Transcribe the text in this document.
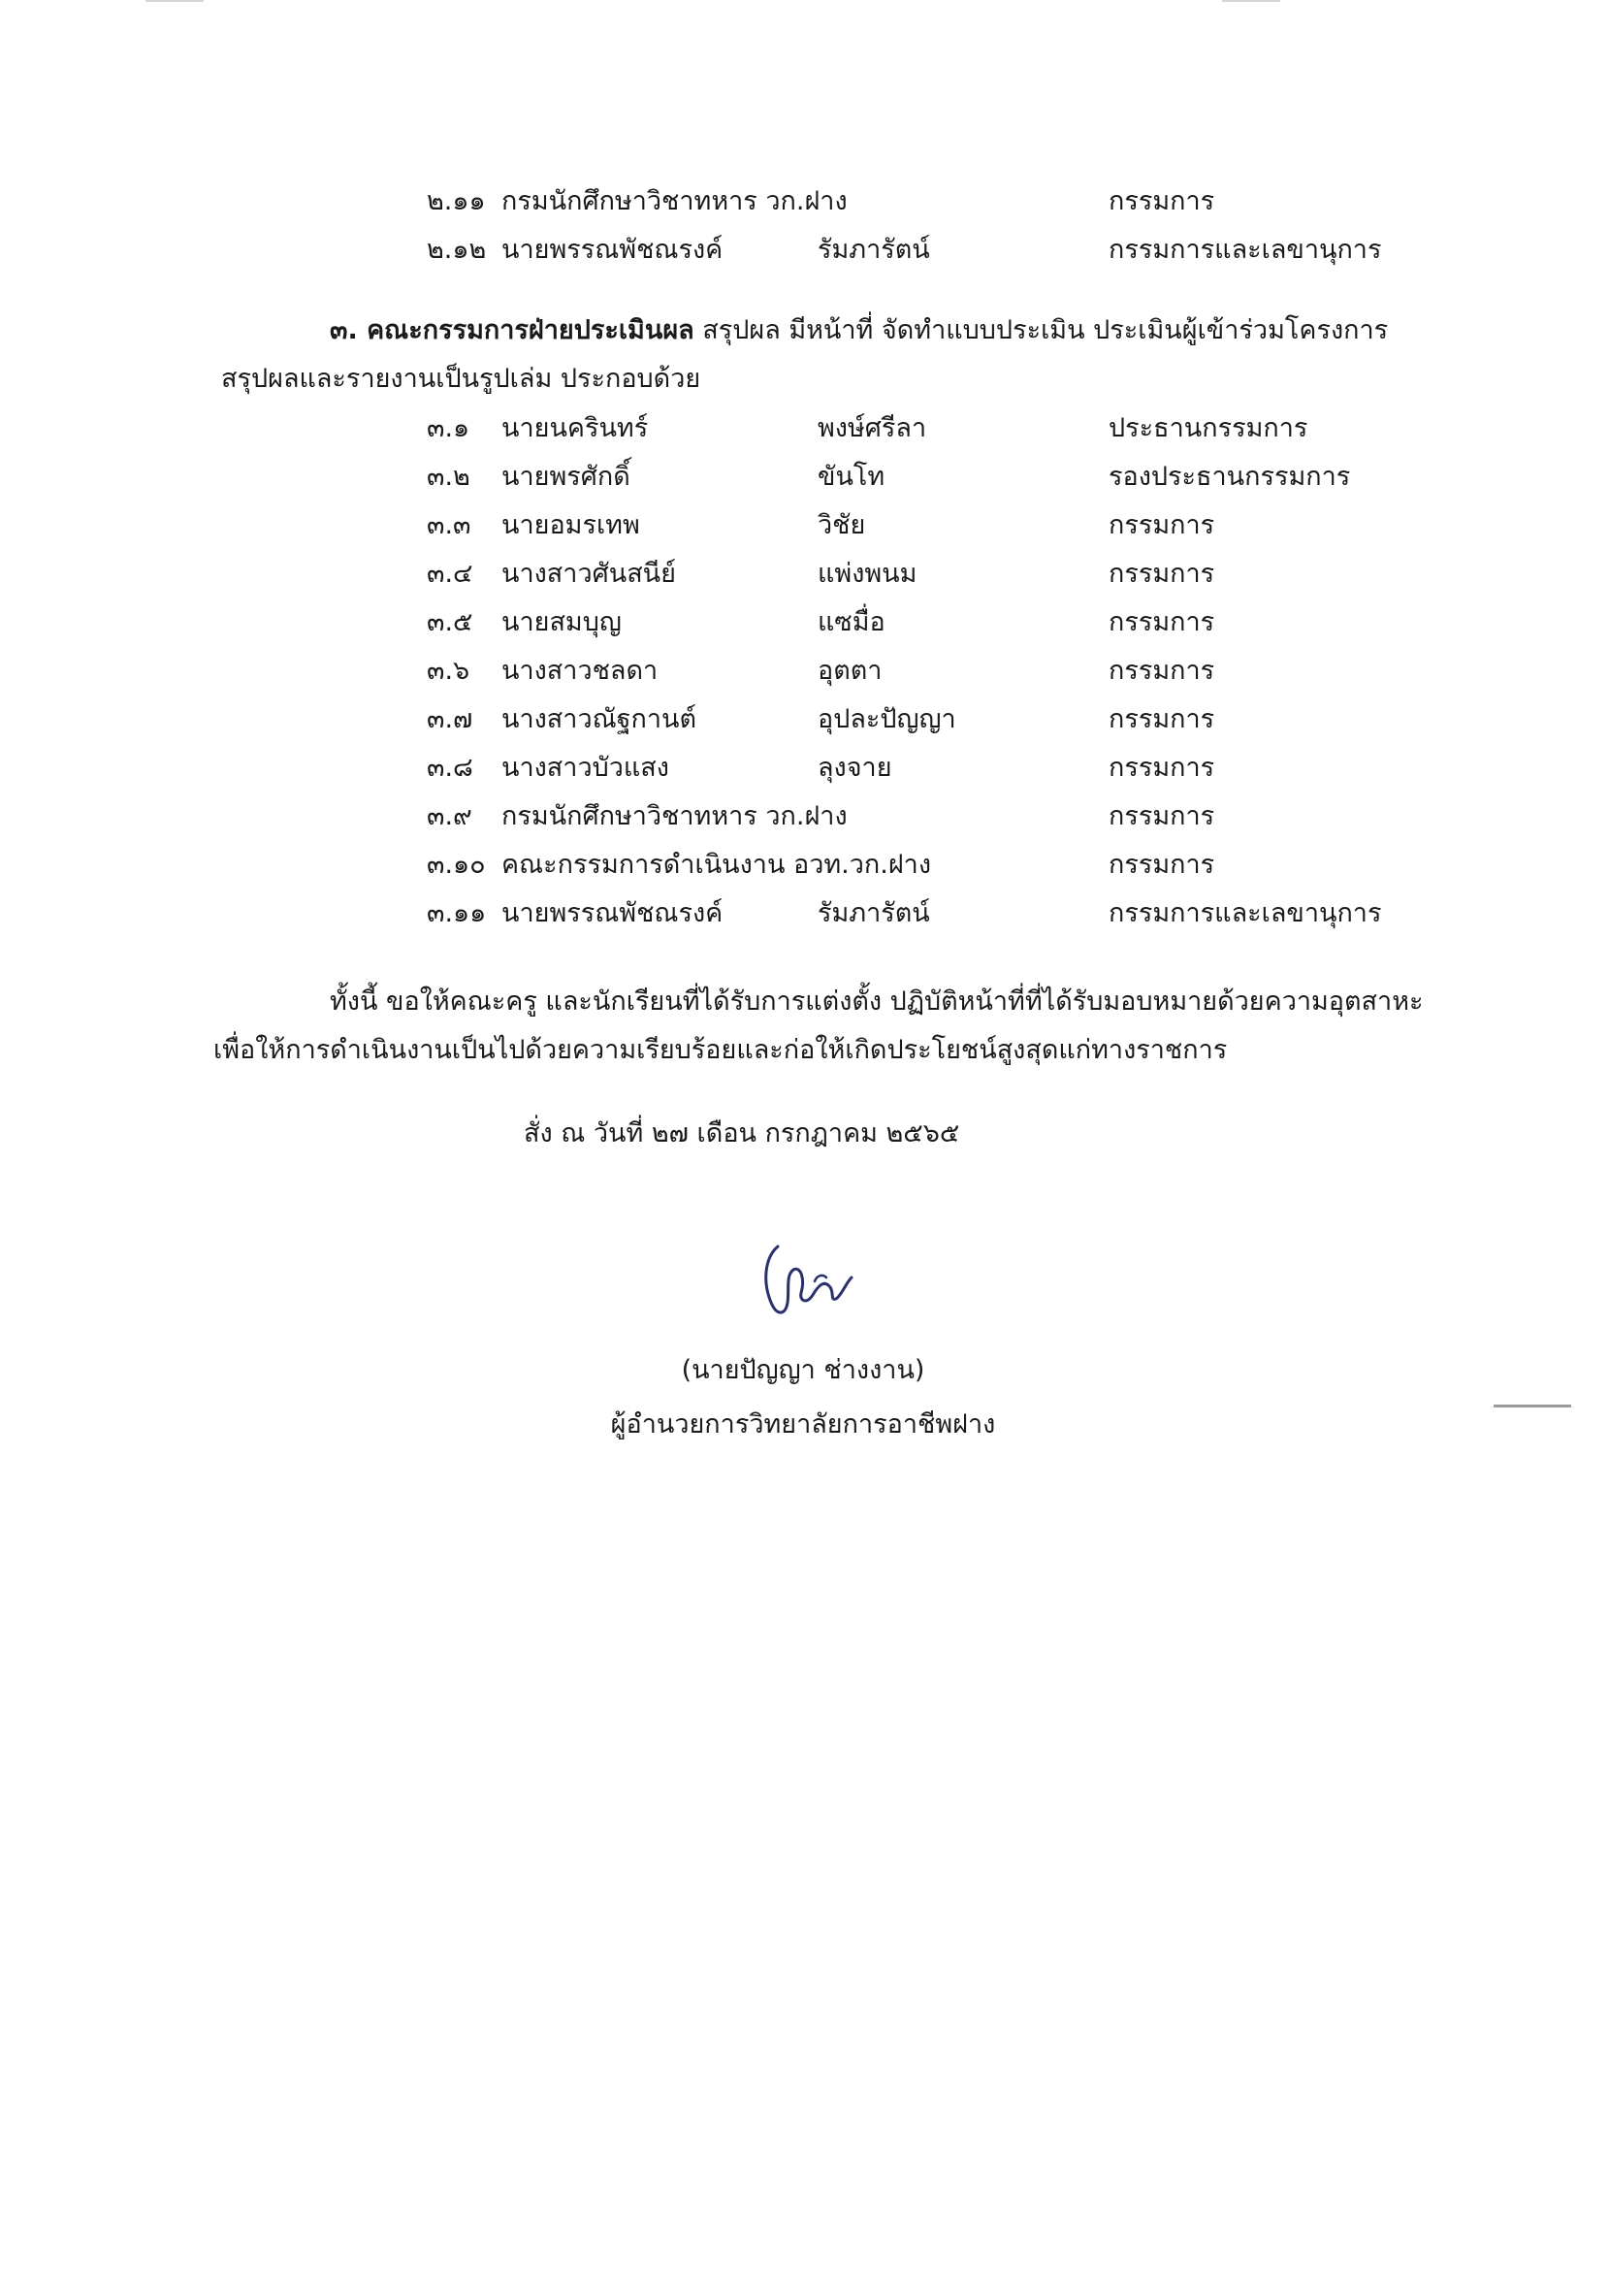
๒.๑๑ กรมนักศึกษาวิชาทหาร วก.ฝาง	กรรมการ
๒.๑๒ นายพรรณพัชณรงค์	รัมภารัตน์	กรรมการและเลขานุการ
๓. คณะกรรมการฝ่ายประเมินผล สรุปผล มีหน้าที่ จัดทำแบบประเมิน ประเมินผู้เข้าร่วมโครงการ
สรุปผลและรายงานเป็นรูปเล่ม ประกอบด้วย
๓.๑ นายนครินทร์	พงษ์ศรีลา	ประธานกรรมการ
๓.๒ นายพรศักดิ์	ขันโท	รองประธานกรรมการ
๓.๓ นายอมรเทพ	วิชัย	กรรมการ
๓.๔ นางสาวศันสนีย์	แพ่งพนม	กรรมการ
๓.๕ นายสมบุญ	แซมื่อ	กรรมการ
๓.๖ นางสาวชลดา	อุตตา	กรรมการ
๓.๗ นางสาวณัฐกานต์	อุปละปัญญา	กรรมการ
๓.๘ นางสาวบัวแสง	ลุงจาย	กรรมการ
๓.๙ กรมนักศึกษาวิชาทหาร วก.ฝาง	กรรมการ
๓.๑๐ คณะกรรมการดำเนินงาน อวท.วก.ฝาง	กรรมการ
๓.๑๑ นายพรรณพัชณรงค์	รัมภารัตน์	กรรมการและเลขานุการ
ทั้งนี้ ขอให้คณะครู และนักเรียนที่ได้รับการแต่งตั้ง ปฏิบัติหน้าที่ที่ได้รับมอบหมายด้วยความอุตสาหะ
เพื่อให้การดำเนินงานเป็นไปด้วยความเรียบร้อยและก่อให้เกิดประโยชน์สูงสุดแก่ทางราชการ
สั่ง ณ วันที่ ๒๗ เดือน กรกฎาคม ๒๕๖๕
(นายปัญญา ช่างงาน)
ผู้อำนวยการวิทยาลัยการอาชีพฝาง
